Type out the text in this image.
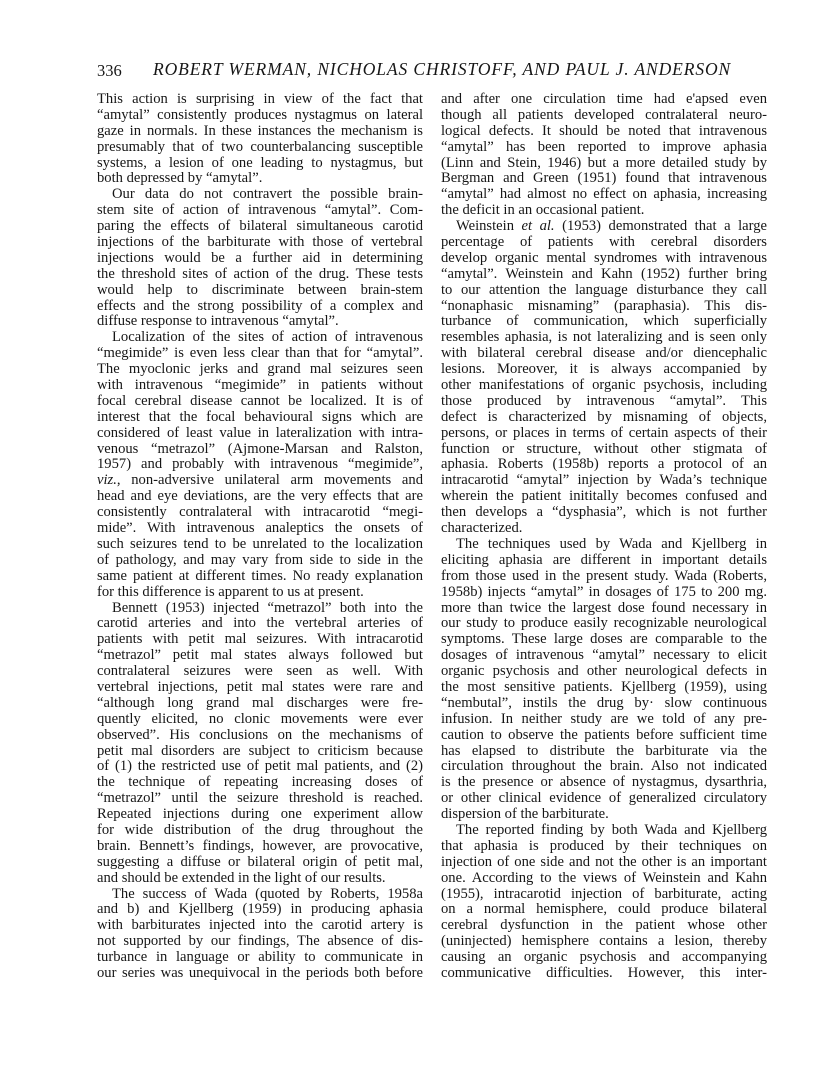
336 ROBERT WERMAN, NICHOLAS CHRISTOFF, AND PAUL J. ANDERSON
This action is surprising in view of the fact that
“amytal” consistently produces nystagmus on lateral
gaze in normals. In these instances the mechanism is
presumably that of two counterbalancing susceptible
systems, a lesion of one leading to nystagmus, but
both depressed by “amytal”.
Our data do not contravert the possible brain-
stem site of action of intravenous “amytal”. Com-
paring the effects of bilateral simultaneous carotid
injections of the barbiturate with those of vertebral
injections would be a further aid in determining
the threshold sites of action of the drug. These tests
would help to discriminate between brain-stem
effects and the strong possibility of a complex and
diffuse response to intravenous “amytal”.
Localization of the sites of action of intravenous
“megimide” is even less clear than that for “amytal”.
The myoclonic jerks and grand mal seizures seen
with intravenous “megimide” in patients without
focal cerebral disease cannot be localized. It is of
interest that the focal behavioural signs which are
considered of least value in lateralization with intra-
venous “metrazol” (Ajmone-Marsan and Ralston,
1957) and probably with intravenous “megimide”,
viz., non-adversive unilateral arm movements and
head and eye deviations, are the very effects that are
consistently contralateral with intracarotid “megi-
mide”. With intravenous analeptics the onsets of
such seizures tend to be unrelated to the localization
of pathology, and may vary from side to side in the
same patient at different times. No ready explanation
for this difference is apparent to us at present.
Bennett (1953) injected “metrazol” both into the
carotid arteries and into the vertebral arteries of
patients with petit mal seizures. With intracarotid
“metrazol” petit mal states always followed but
contralateral seizures were seen as well. With
vertebral injections, petit mal states were rare and
“although long grand mal discharges were fre-
quently elicited, no clonic movements were ever
observed”. His conclusions on the mechanisms of
petit mal disorders are subject to criticism because
of (1) the restricted use of petit mal patients, and (2)
the technique of repeating increasing doses of
“metrazol” until the seizure threshold is reached.
Repeated injections during one experiment allow
for wide distribution of the drug throughout the
brain. Bennett’s findings, however, are provocative,
suggesting a diffuse or bilateral origin of petit mal,
and should be extended in the light of our results.
The success of Wada (quoted by Roberts, 1958a
and b) and Kjellberg (1959) in producing aphasia
with barbiturates injected into the carotid artery is
not supported by our findings, The absence of dis-
turbance in language or ability to communicate in
our series was unequivocal in the periods both before
and after one circulation time had e'apsed even
though all patients developed contralateral neuro-
logical defects. It should be noted that intravenous
“amytal” has been reported to improve aphasia
(Linn and Stein, 1946) but a more detailed study by
Bergman and Green (1951) found that intravenous
“amytal” had almost no effect on aphasia, increasing
the deficit in an occasional patient.
Weinstein et al. (1953) demonstrated that a large
percentage of patients with cerebral disorders
develop organic mental syndromes with intravenous
“amytal”. Weinstein and Kahn (1952) further bring
to our attention the language disturbance they call
“nonaphasic misnaming” (paraphasia). This dis-
turbance of communication, which superficially
resembles aphasia, is not lateralizing and is seen only
with bilateral cerebral disease and/or diencephalic
lesions. Moreover, it is always accompanied by
other manifestations of organic psychosis, including
those produced by intravenous “amytal”. This
defect is characterized by misnaming of objects,
persons, or places in terms of certain aspects of their
function or structure, without other stigmata of
aphasia. Roberts (1958b) reports a protocol of an
intracarotid “amytal” injection by Wada’s technique
wherein the patient inititally becomes confused and
then develops a “dysphasia”, which is not further
characterized.
The techniques used by Wada and Kjellberg in
eliciting aphasia are different in important details
from those used in the present study. Wada (Roberts,
1958b) injects “amytal” in dosages of 175 to 200 mg.
more than twice the largest dose found necessary in
our study to produce easily recognizable neurological
symptoms. These large doses are comparable to the
dosages of intravenous “amytal” necessary to elicit
organic psychosis and other neurological defects in
the most sensitive patients. Kjellberg (1959), using
“nembutal”, instils the drug by· slow continuous
infusion. In neither study are we told of any pre-
caution to observe the patients before sufficient time
has elapsed to distribute the barbiturate via the
circulation throughout the brain. Also not indicated
is the presence or absence of nystagmus, dysarthria,
or other clinical evidence of generalized circulatory
dispersion of the barbiturate.
The reported finding by both Wada and Kjellberg
that aphasia is produced by their techniques on
injection of one side and not the other is an important
one. According to the views of Weinstein and Kahn
(1955), intracarotid injection of barbiturate, acting
on a normal hemisphere, could produce bilateral
cerebral dysfunction in the patient whose other
(uninjected) hemisphere contains a lesion, thereby
causing an organic psychosis and accompanying
communicative difficulties. However, this inter-
